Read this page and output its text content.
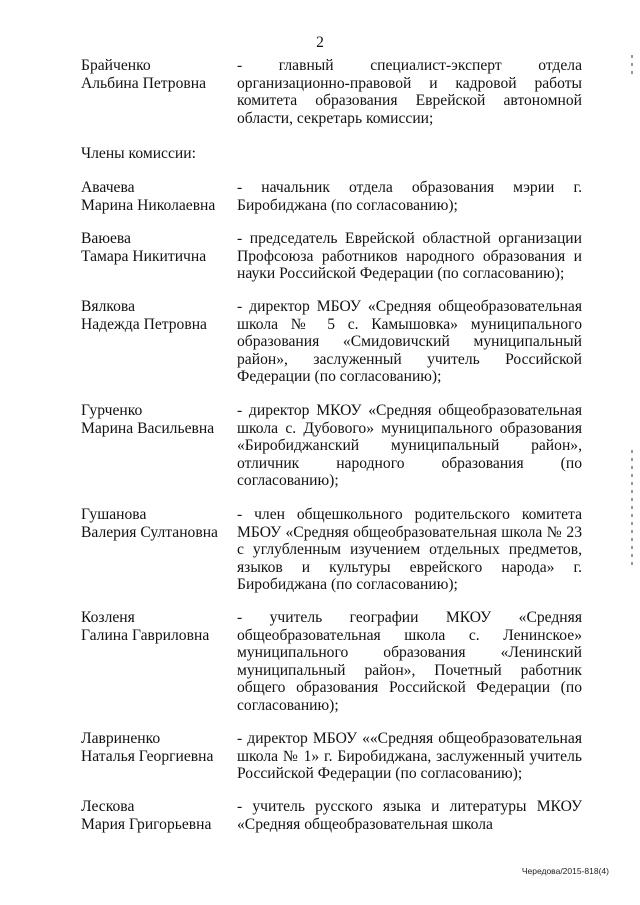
2
Брайченко
Альбина Петровна
- главный специалист-эксперт отдела организационно-правовой и кадровой работы комитета образования Еврейской автономной области, секретарь комиссии;
Члены комиссии:
Авачева
Марина Николаевна
- начальник отдела образования мэрии г. Биробиджана (по согласованию);
Ваюева
Тамара Никитична
- председатель Еврейской областной организации Профсоюза работников народного образования и науки Российской Федерации (по согласованию);
Вялкова
Надежда Петровна
- директор МБОУ «Средняя общеобразовательная школа № 5 с. Камышовка» муниципального образования «Смидовичский муниципальный район», заслуженный учитель Российской Федерации (по согласованию);
Гурченко
Марина Васильевна
- директор МКОУ «Средняя общеобразовательная школа с. Дубового» муниципального образования «Биробиджанский муниципальный район», отличник народного образования (по согласованию);
Гушанова
Валерия Султановна
- член общешкольного родительского комитета МБОУ «Средняя общеобразовательная школа № 23 с углубленным изучением отдельных предметов, языков и культуры еврейского народа» г. Биробиджана (по согласованию);
Козленя
Галина Гавриловна
- учитель географии МКОУ «Средняя общеобразовательная школа с. Ленинское» муниципального образования «Ленинский муниципальный район», Почетный работник общего образования Российской Федерации (по согласованию);
Лавриненко
Наталья Георгиевна
- директор МБОУ ««Средняя общеобразовательная школа № 1» г. Биробиджана, заслуженный учитель Российской Федерации (по согласованию);
Лескова
Мария Григорьевна
- учитель русского языка и литературы МКОУ «Средняя общеобразовательная школа
Чередова/2015-818(4)
